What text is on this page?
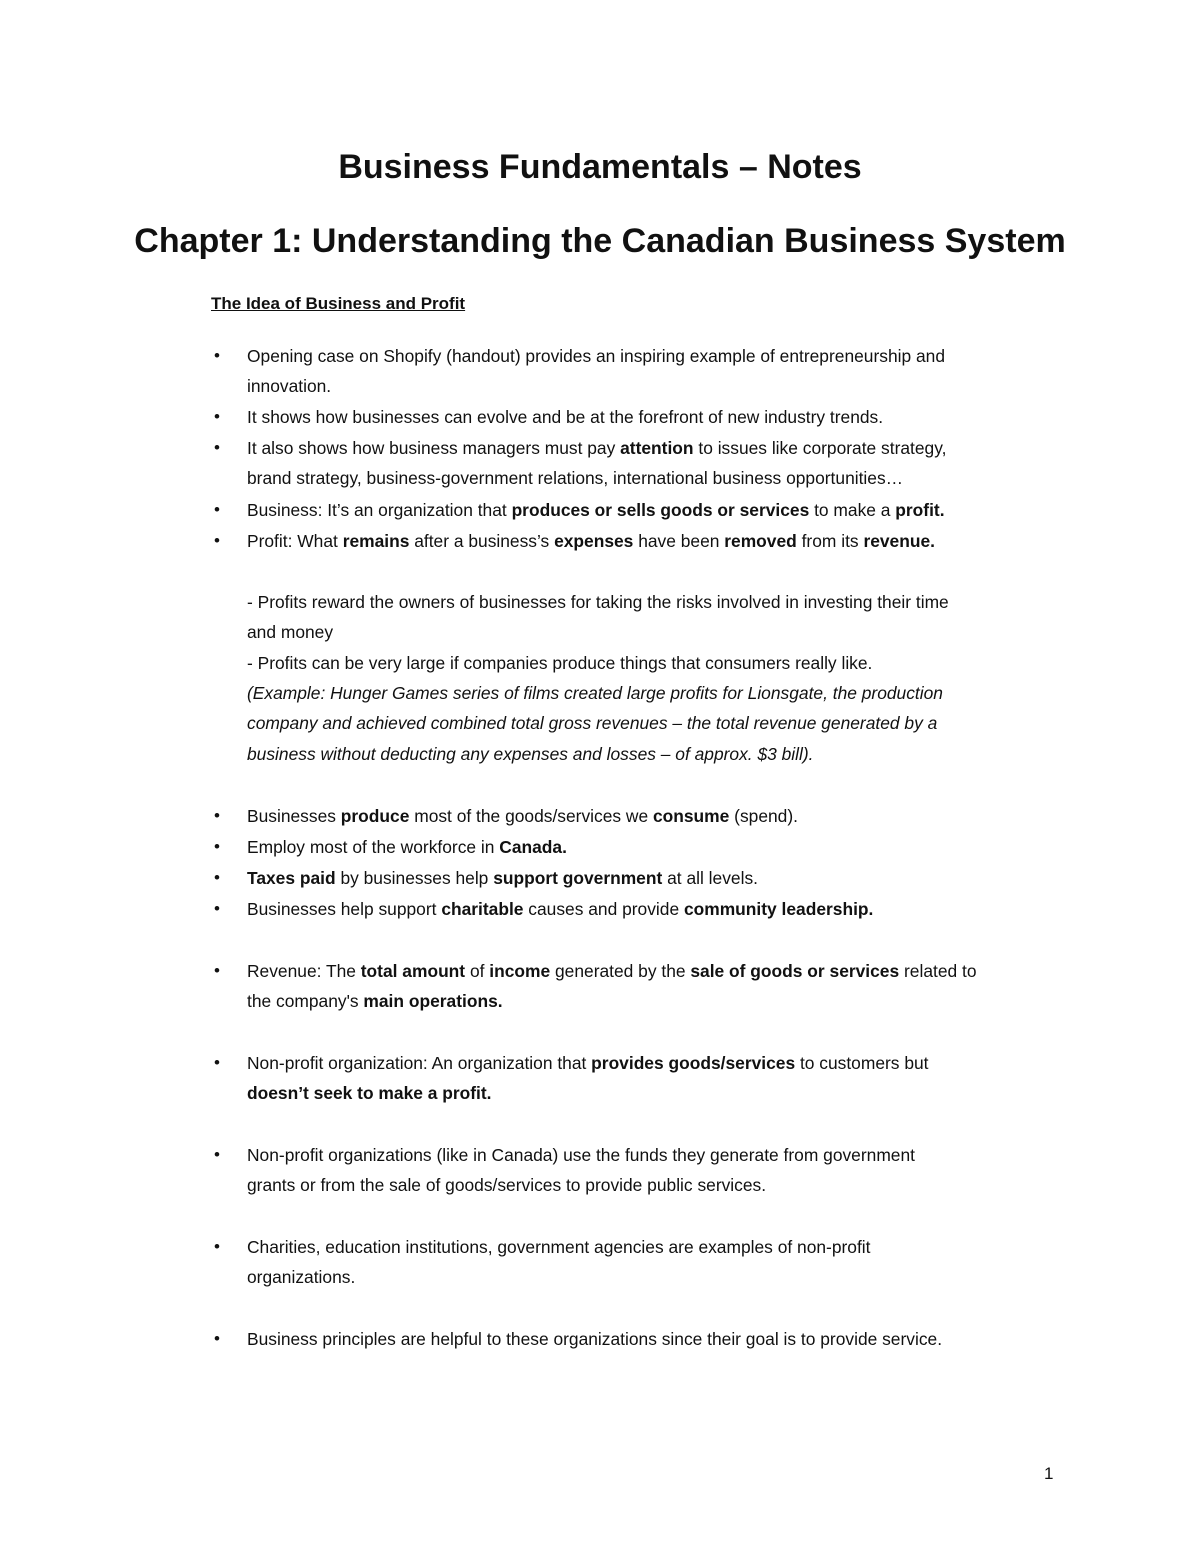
Business Fundamentals – Notes
Chapter 1: Understanding the Canadian Business System
The Idea of Business and Profit
•	Opening case on Shopify (handout) provides an inspiring example of entrepreneurship and

innovation.

•	It shows how businesses can evolve and be at the forefront of new industry trends.

•	It also shows how business managers must pay attention to issues like corporate strategy,

brand strategy, business-government relations, international business opportunities…

•	Business: It’s an organization that produces or sells goods or services to make a profit.

•	Profit: What remains after a business’s expenses have been removed from its revenue.

- Profits reward the owners of businesses for taking the risks involved in investing their time

and money

- Profits can be very large if companies produce things that consumers really like.

(Example: Hunger Games series of films created large profits for Lionsgate, the production

company and achieved combined total gross revenues – the total revenue generated by a

business without deducting any expenses and losses – of approx. $3 bill).

•	Businesses produce most of the goods/services we consume (spend).

•	Employ most of the workforce in Canada.

•	Taxes paid by businesses help support government at all levels.

•	Businesses help support charitable causes and provide community leadership.

•	Revenue: The total amount of income generated by the sale of goods or services related to

the company's main operations.

•	Non-profit organization: An organization that provides goods/services to customers but

doesn’t seek to make a profit.

•	Non-profit organizations (like in Canada) use the funds they generate from government

grants or from the sale of goods/services to provide public services.

•	Charities, education institutions, government agencies are examples of non-profit

organizations.

•	Business principles are helpful to these organizations since their goal is to provide service.

1
